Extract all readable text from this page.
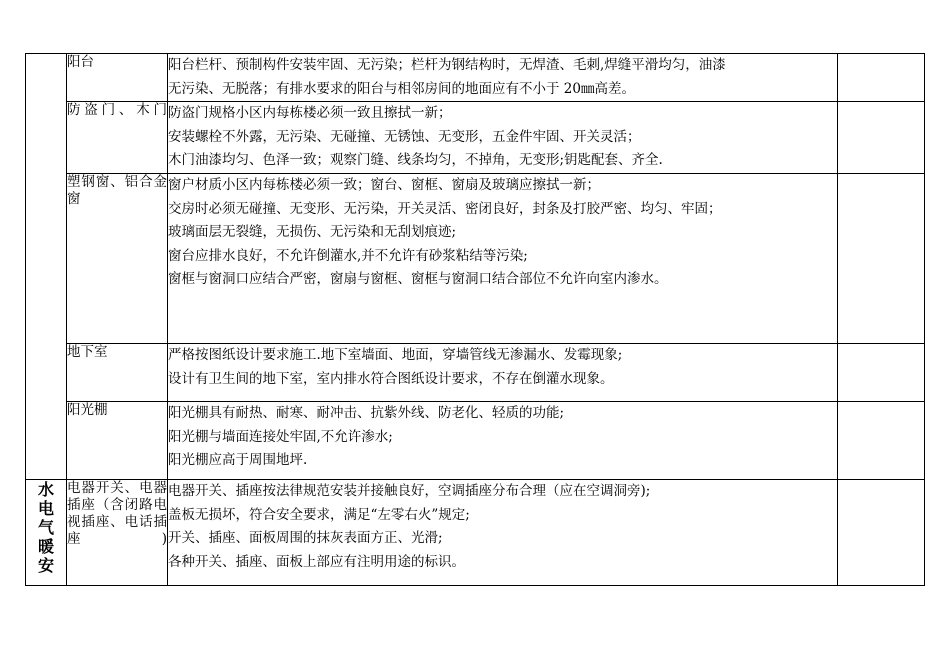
	阳台	阳台栏杆、预制构件安装牢固、无污染；栏杆为钢结构时，无焊渣、毛刺,焊缝平滑均匀，油漆
无污染、无脱落；有排水要求的阳台与相邻房间的地面应有不小于 20㎜高差。	

	防盗门、木门	防盗门规格小区内每栋楼必须一致且擦拭一新；
安装螺栓不外露，无污染、无碰撞、无锈蚀、无变形，五金件牢固、开关灵活；
木门油漆均匀、色泽一致；观察门缝、线条均匀，不掉角，无变形;钥匙配套、齐全.	

	塑钢窗、铝合金窗	窗户材质小区内每栋楼必须一致；窗台、窗框、窗扇及玻璃应擦拭一新；
交房时必须无碰撞、无变形、无污染，开关灵活、密闭良好，封条及打胶严密、均匀、牢固；
玻璃面层无裂缝，无损伤、无污染和无刮划痕迹;
窗台应排水良好，不允许倒灌水,并不允许有砂浆粘结等污染;
窗框与窗洞口应结合严密，窗扇与窗框、窗框与窗洞口结合部位不允许向室内渗水。	

	地下室	严格按图纸设计要求施工.地下室墙面、地面，穿墙管线无渗漏水、发霉现象;
设计有卫生间的地下室，室内排水符合图纸设计要求，不存在倒灌水现象。	

	阳光棚	阳光棚具有耐热、耐寒、耐冲击、抗紫外线、防老化、轻质的功能;
阳光棚与墙面连接处牢固,不允许渗水;
阳光棚应高于周围地坪.	

水电气暖安	电器开关、电器插座（含闭路电视插座、电话插座)	电器开关、插座按法律规范安装并接触良好，空调插座分布合理（应在空调洞旁);
盖板无损坏，符合安全要求，满足“左零右火”规定;
开关、插座、面板周围的抹灰表面方正、光滑;
各种开关、插座、面板上部应有注明用途的标识。	
